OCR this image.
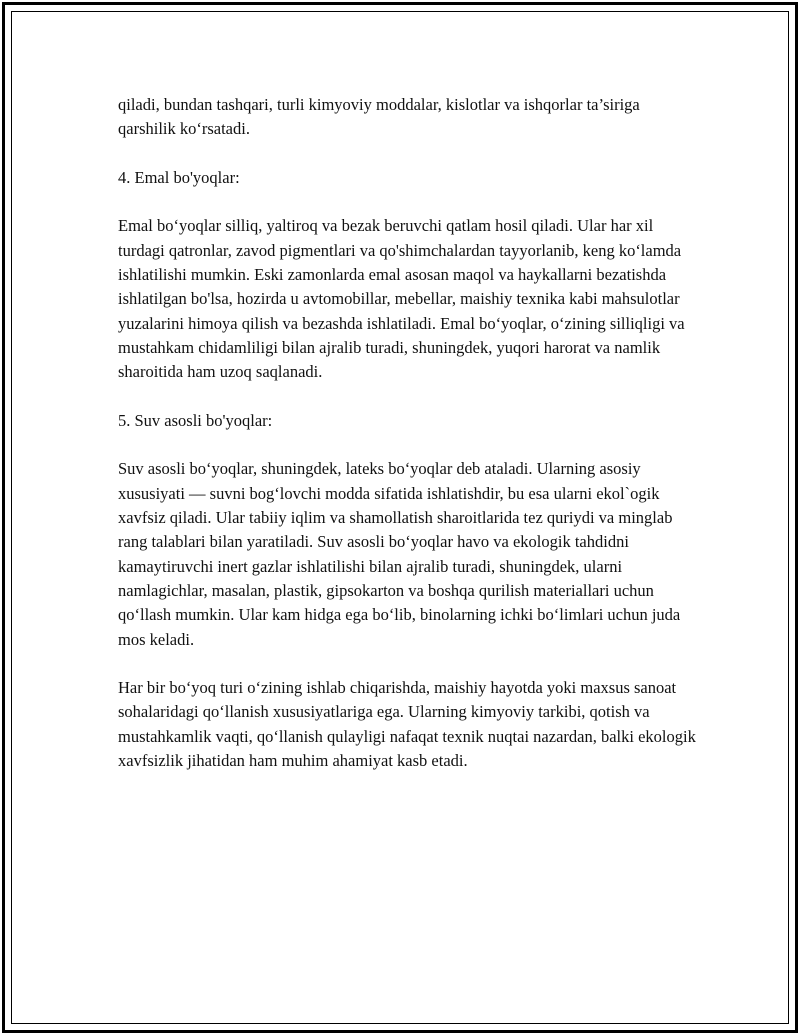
qiladi, bundan tashqari, turli kimyoviy moddalar, kislotlar va ishqorlar ta’siriga qarshilik ko‘rsatadi.

4. Emal bo'yoqlar:

Emal bo‘yoqlar silliq, yaltiroq va bezak beruvchi qatlam hosil qiladi. Ular har xil turdagi qatronlar, zavod pigmentlari va qo'shimchalardan tayyorlanib, keng ko‘lamda ishlatilishi mumkin. Eski zamonlarda emal asosan maqol va haykallarni bezatishda ishlatilgan bo'lsa, hozirda u avtomobillar, mebellar, maishiy texnika kabi mahsulotlar yuzalarini himoya qilish va bezashda ishlatiladi. Emal bo‘yoqlar, o‘zining silliqligi va mustahkam chidamliligi bilan ajralib turadi, shuningdek, yuqori harorat va namlik sharoitida ham uzoq saqlanadi.

5. Suv asosli bo'yoqlar:

Suv asosli bo‘yoqlar, shuningdek, lateks bo‘yoqlar deb ataladi. Ularning asosiy xususiyati — suvni bog‘lovchi modda sifatida ishlatishdir, bu esa ularni ekol`ogik xavfsiz qiladi. Ular tabiiy iqlim va shamollatish sharoitlarida tez quriydi va minglab rang talablari bilan yaratiladi. Suv asosli bo‘yoqlar havo va ekologik tahdidni kamaytiruvchi inert gazlar ishlatilishi bilan ajralib turadi, shuningdek, ularni namlagichlar, masalan, plastik, gipsokarton va boshqa qurilish materiallari uchun qo‘llash mumkin. Ular kam hidga ega bo‘lib, binolarning ichki bo‘limlari uchun juda mos keladi.

Har bir bo‘yoq turi o‘zining ishlab chiqarishda, maishiy hayotda yoki maxsus sanoat sohalaridagi qo‘llanish xususiyatlariga ega. Ularning kimyoviy tarkibi, qotish va mustahkamlik vaqti, qo‘llanish qulayligi nafaqat texnik nuqtai nazardan, balki ekologik xavfsizlik jihatidan ham muhim ahamiyat kasb etadi.
